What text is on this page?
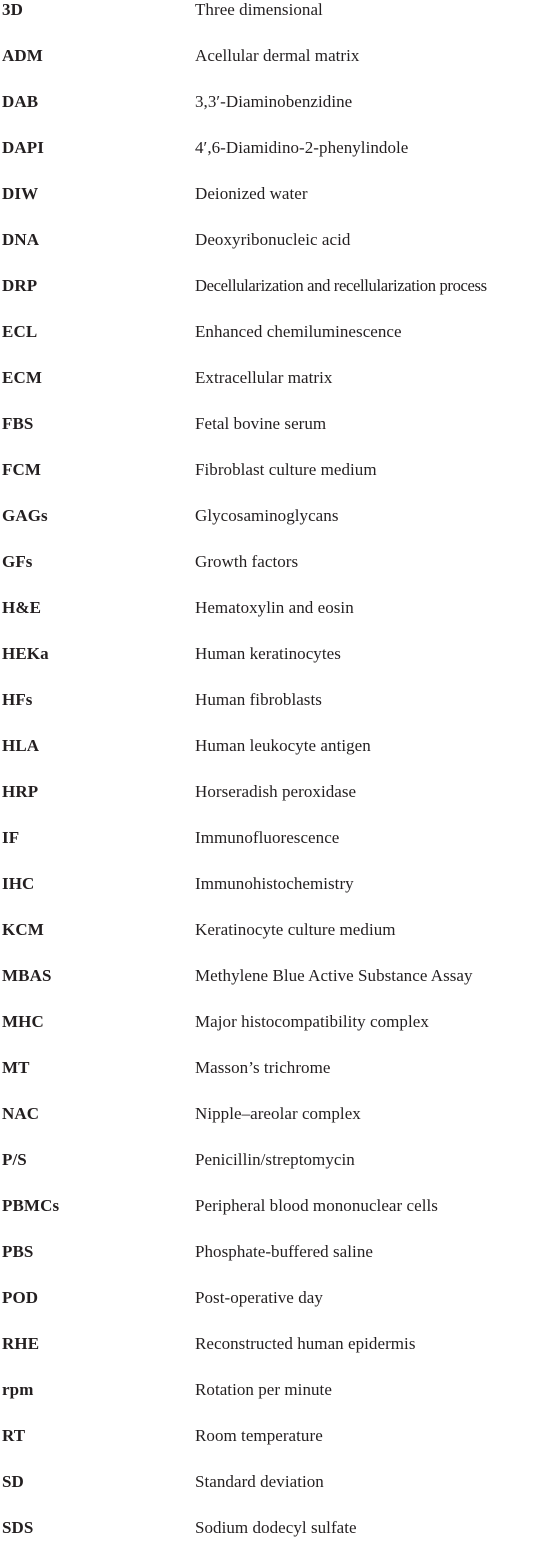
3D	Three dimensional
ADM	Acellular dermal matrix
DAB	3,3′-Diaminobenzidine
DAPI	4′,6-Diamidino-2-phenylindole
DIW	Deionized water
DNA	Deoxyribonucleic acid
DRP	Decellularization and recellularization process
ECL	Enhanced chemiluminescence
ECM	Extracellular matrix
FBS	Fetal bovine serum
FCM	Fibroblast culture medium
GAGs	Glycosaminoglycans
GFs	Growth factors
H&E	Hematoxylin and eosin
HEKa	Human keratinocytes
HFs	Human fibroblasts
HLA	Human leukocyte antigen
HRP	Horseradish peroxidase
IF	Immunofluorescence
IHC	Immunohistochemistry
KCM	Keratinocyte culture medium
MBAS	Methylene Blue Active Substance Assay
MHC	Major histocompatibility complex
MT	Masson’s trichrome
NAC	Nipple–areolar complex
P/S	Penicillin/streptomycin
PBMCs	Peripheral blood mononuclear cells
PBS	Phosphate-buffered saline
POD	Post-operative day
RHE	Reconstructed human epidermis
rpm	Rotation per minute
RT	Room temperature
SD	Standard deviation
SDS	Sodium dodecyl sulfate
